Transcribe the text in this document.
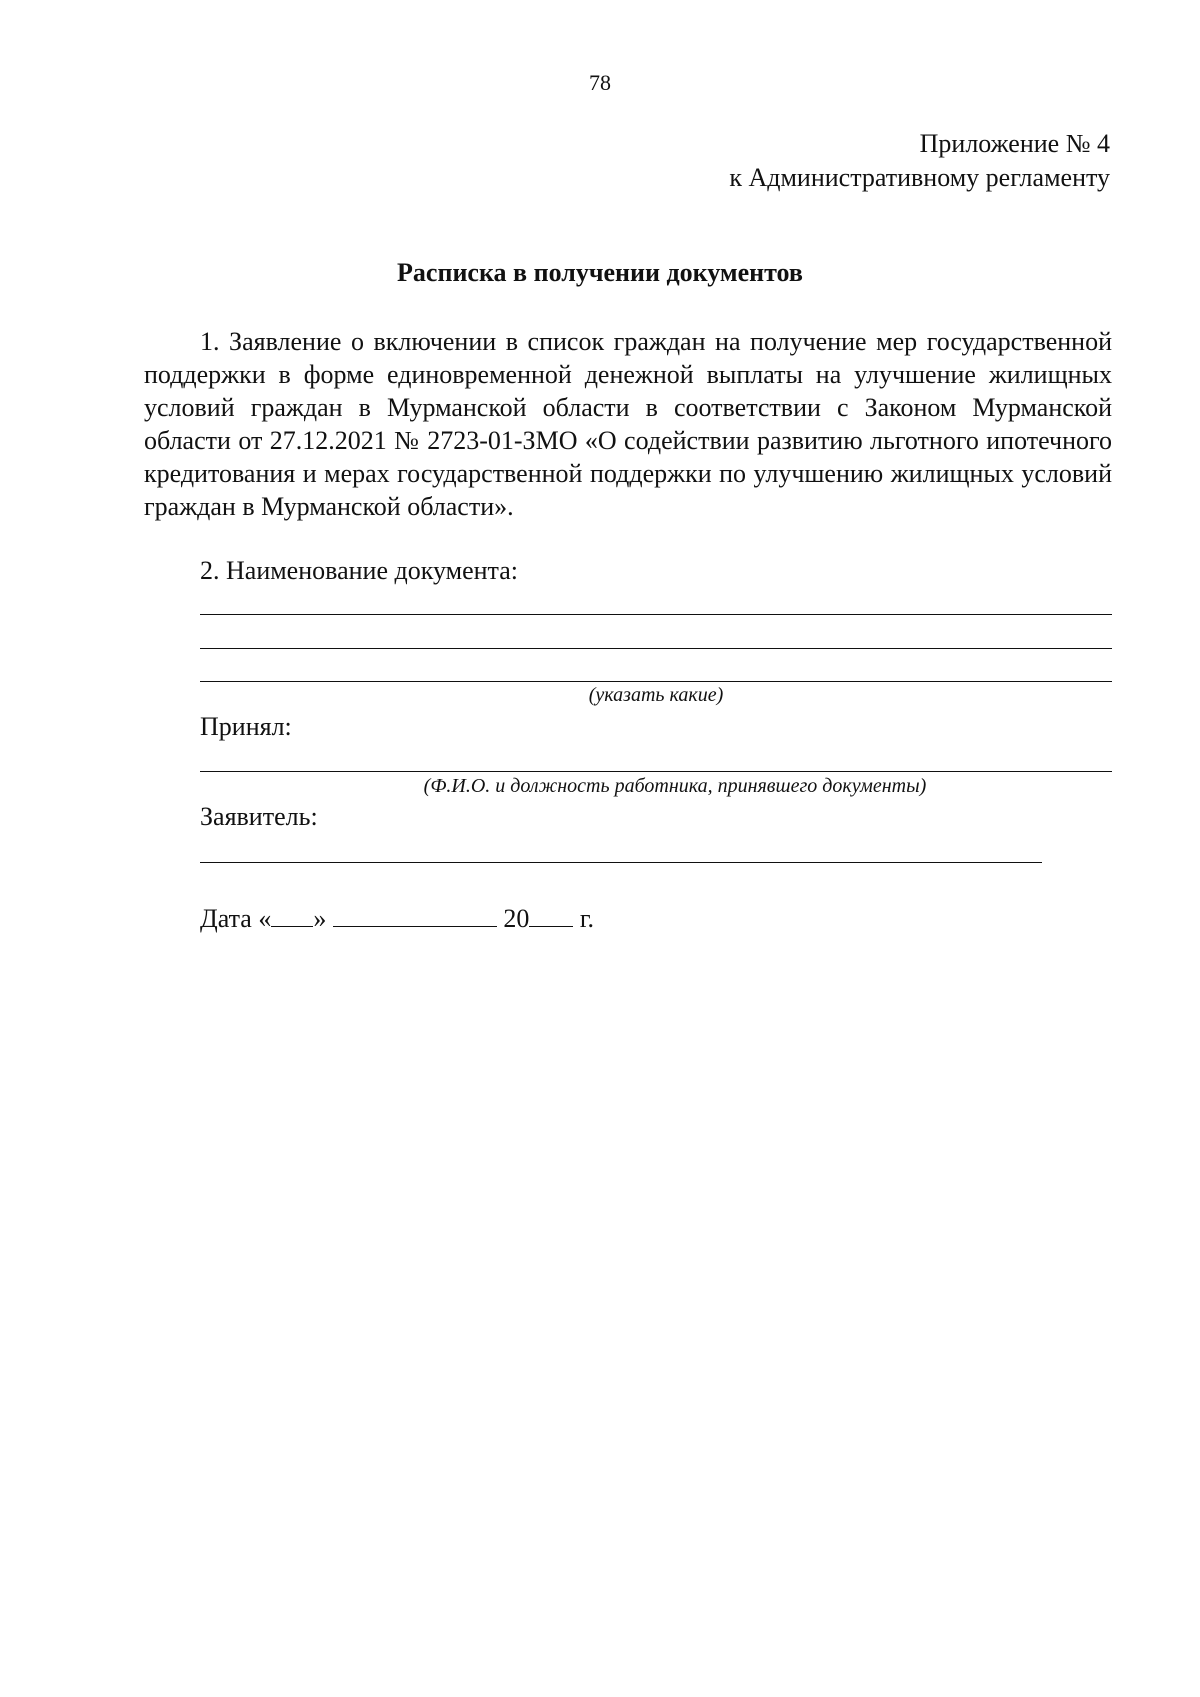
78
Приложение № 4
к Административному регламенту
Расписка в получении документов

1. Заявление о включении в список граждан на получение мер государственной поддержки в форме единовременной денежной выплаты на улучшение жилищных условий граждан в Мурманской области в соответствии с Законом Мурманской области от 27.12.2021 № 2723-01-ЗМО «О содействии развитию льготного ипотечного кредитования и мерах государственной поддержки по улучшению жилищных условий граждан в Мурманской области».

2. Наименование документа:
(указать какие)
Принял:
(Ф.И.О. и должность работника, принявшего документы)
Заявитель:
Дата « »	20 г.
